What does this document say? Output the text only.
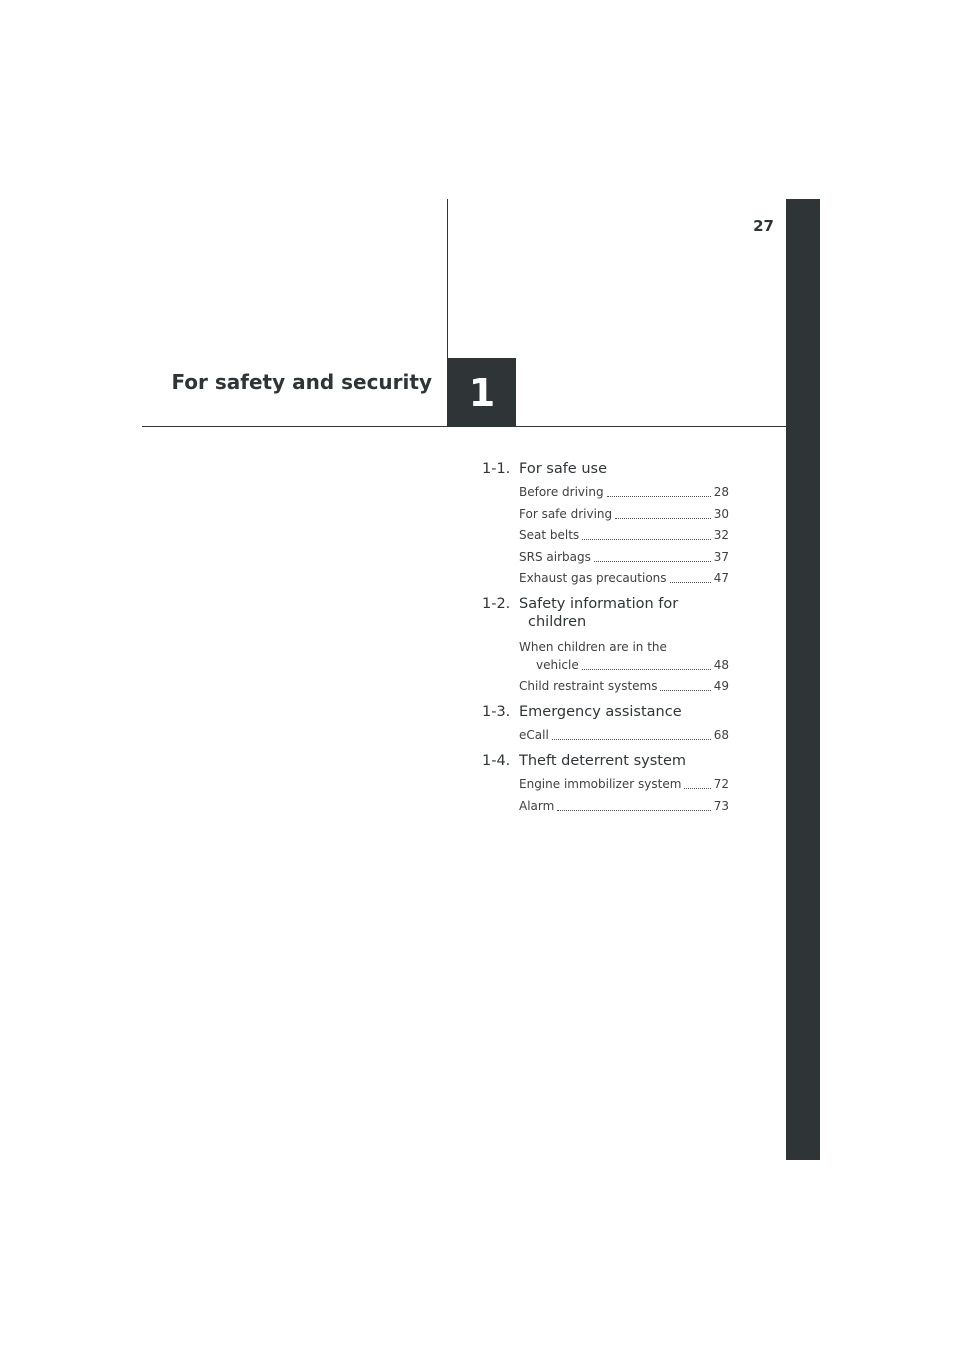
27
1
For safety and security
1-1. For safe use
Before driving	28
For safe driving	30
Seat belts	32
SRS airbags	37
Exhaust gas precautions	47
1-2. Safety information for
children
When children are in the
vehicle	48
Child restraint systems	49
1-3. Emergency assistance
eCall	68
1-4. Theft deterrent system
Engine immobilizer system	72
Alarm	73
